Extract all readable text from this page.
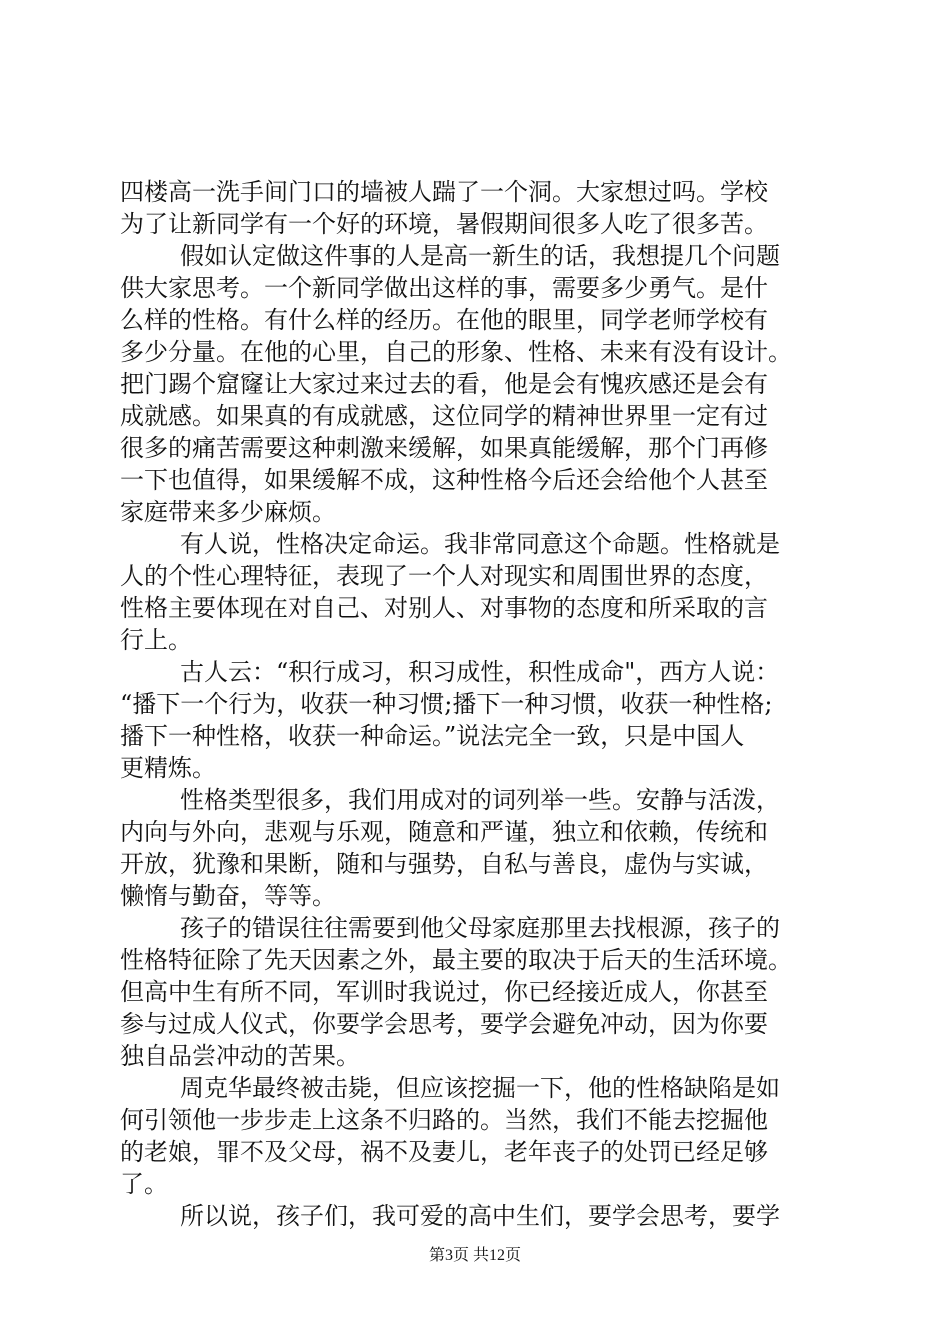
四楼高一洗手间门口的墙被人踹了一个洞。大家想过吗。学校
为了让新同学有一个好的环境，暑假期间很多人吃了很多苦。
假如认定做这件事的人是高一新生的话，我想提几个问题
供大家思考。一个新同学做出这样的事，需要多少勇气。是什
么样的性格。有什么样的经历。在他的眼里，同学老师学校有
多少分量。在他的心里，自己的形象、性格、未来有没有设计。
把门踢个窟窿让大家过来过去的看，他是会有愧疚感还是会有
成就感。如果真的有成就感，这位同学的精神世界里一定有过
很多的痛苦需要这种刺激来缓解，如果真能缓解，那个门再修
一下也值得，如果缓解不成，这种性格今后还会给他个人甚至
家庭带来多少麻烦。
有人说，性格决定命运。我非常同意这个命题。性格就是
人的个性心理特征，表现了一个人对现实和周围世界的态度，
性格主要体现在对自己、对别人、对事物的态度和所采取的言
行上。
古人云：“积行成习，积习成性，积性成命"，西方人说：
“播下一个行为，收获一种习惯;播下一种习惯，收获一种性格;
播下一种性格，收获一种命运。”说法完全一致，只是中国人
更精炼。
性格类型很多，我们用成对的词列举一些。安静与活泼，
内向与外向，悲观与乐观，随意和严谨，独立和依赖，传统和
开放，犹豫和果断，随和与强势，自私与善良，虚伪与实诚，
懒惰与勤奋，等等。
孩子的错误往往需要到他父母家庭那里去找根源，孩子的
性格特征除了先天因素之外，最主要的取决于后天的生活环境。
但高中生有所不同，军训时我说过，你已经接近成人，你甚至
参与过成人仪式，你要学会思考，要学会避免冲动，因为你要
独自品尝冲动的苦果。
周克华最终被击毙，但应该挖掘一下，他的性格缺陷是如
何引领他一步步走上这条不归路的。当然，我们不能去挖掘他
的老娘，罪不及父母，祸不及妻儿，老年丧子的处罚已经足够
了。
所以说，孩子们，我可爱的高中生们，要学会思考，要学
第3页 共12页
